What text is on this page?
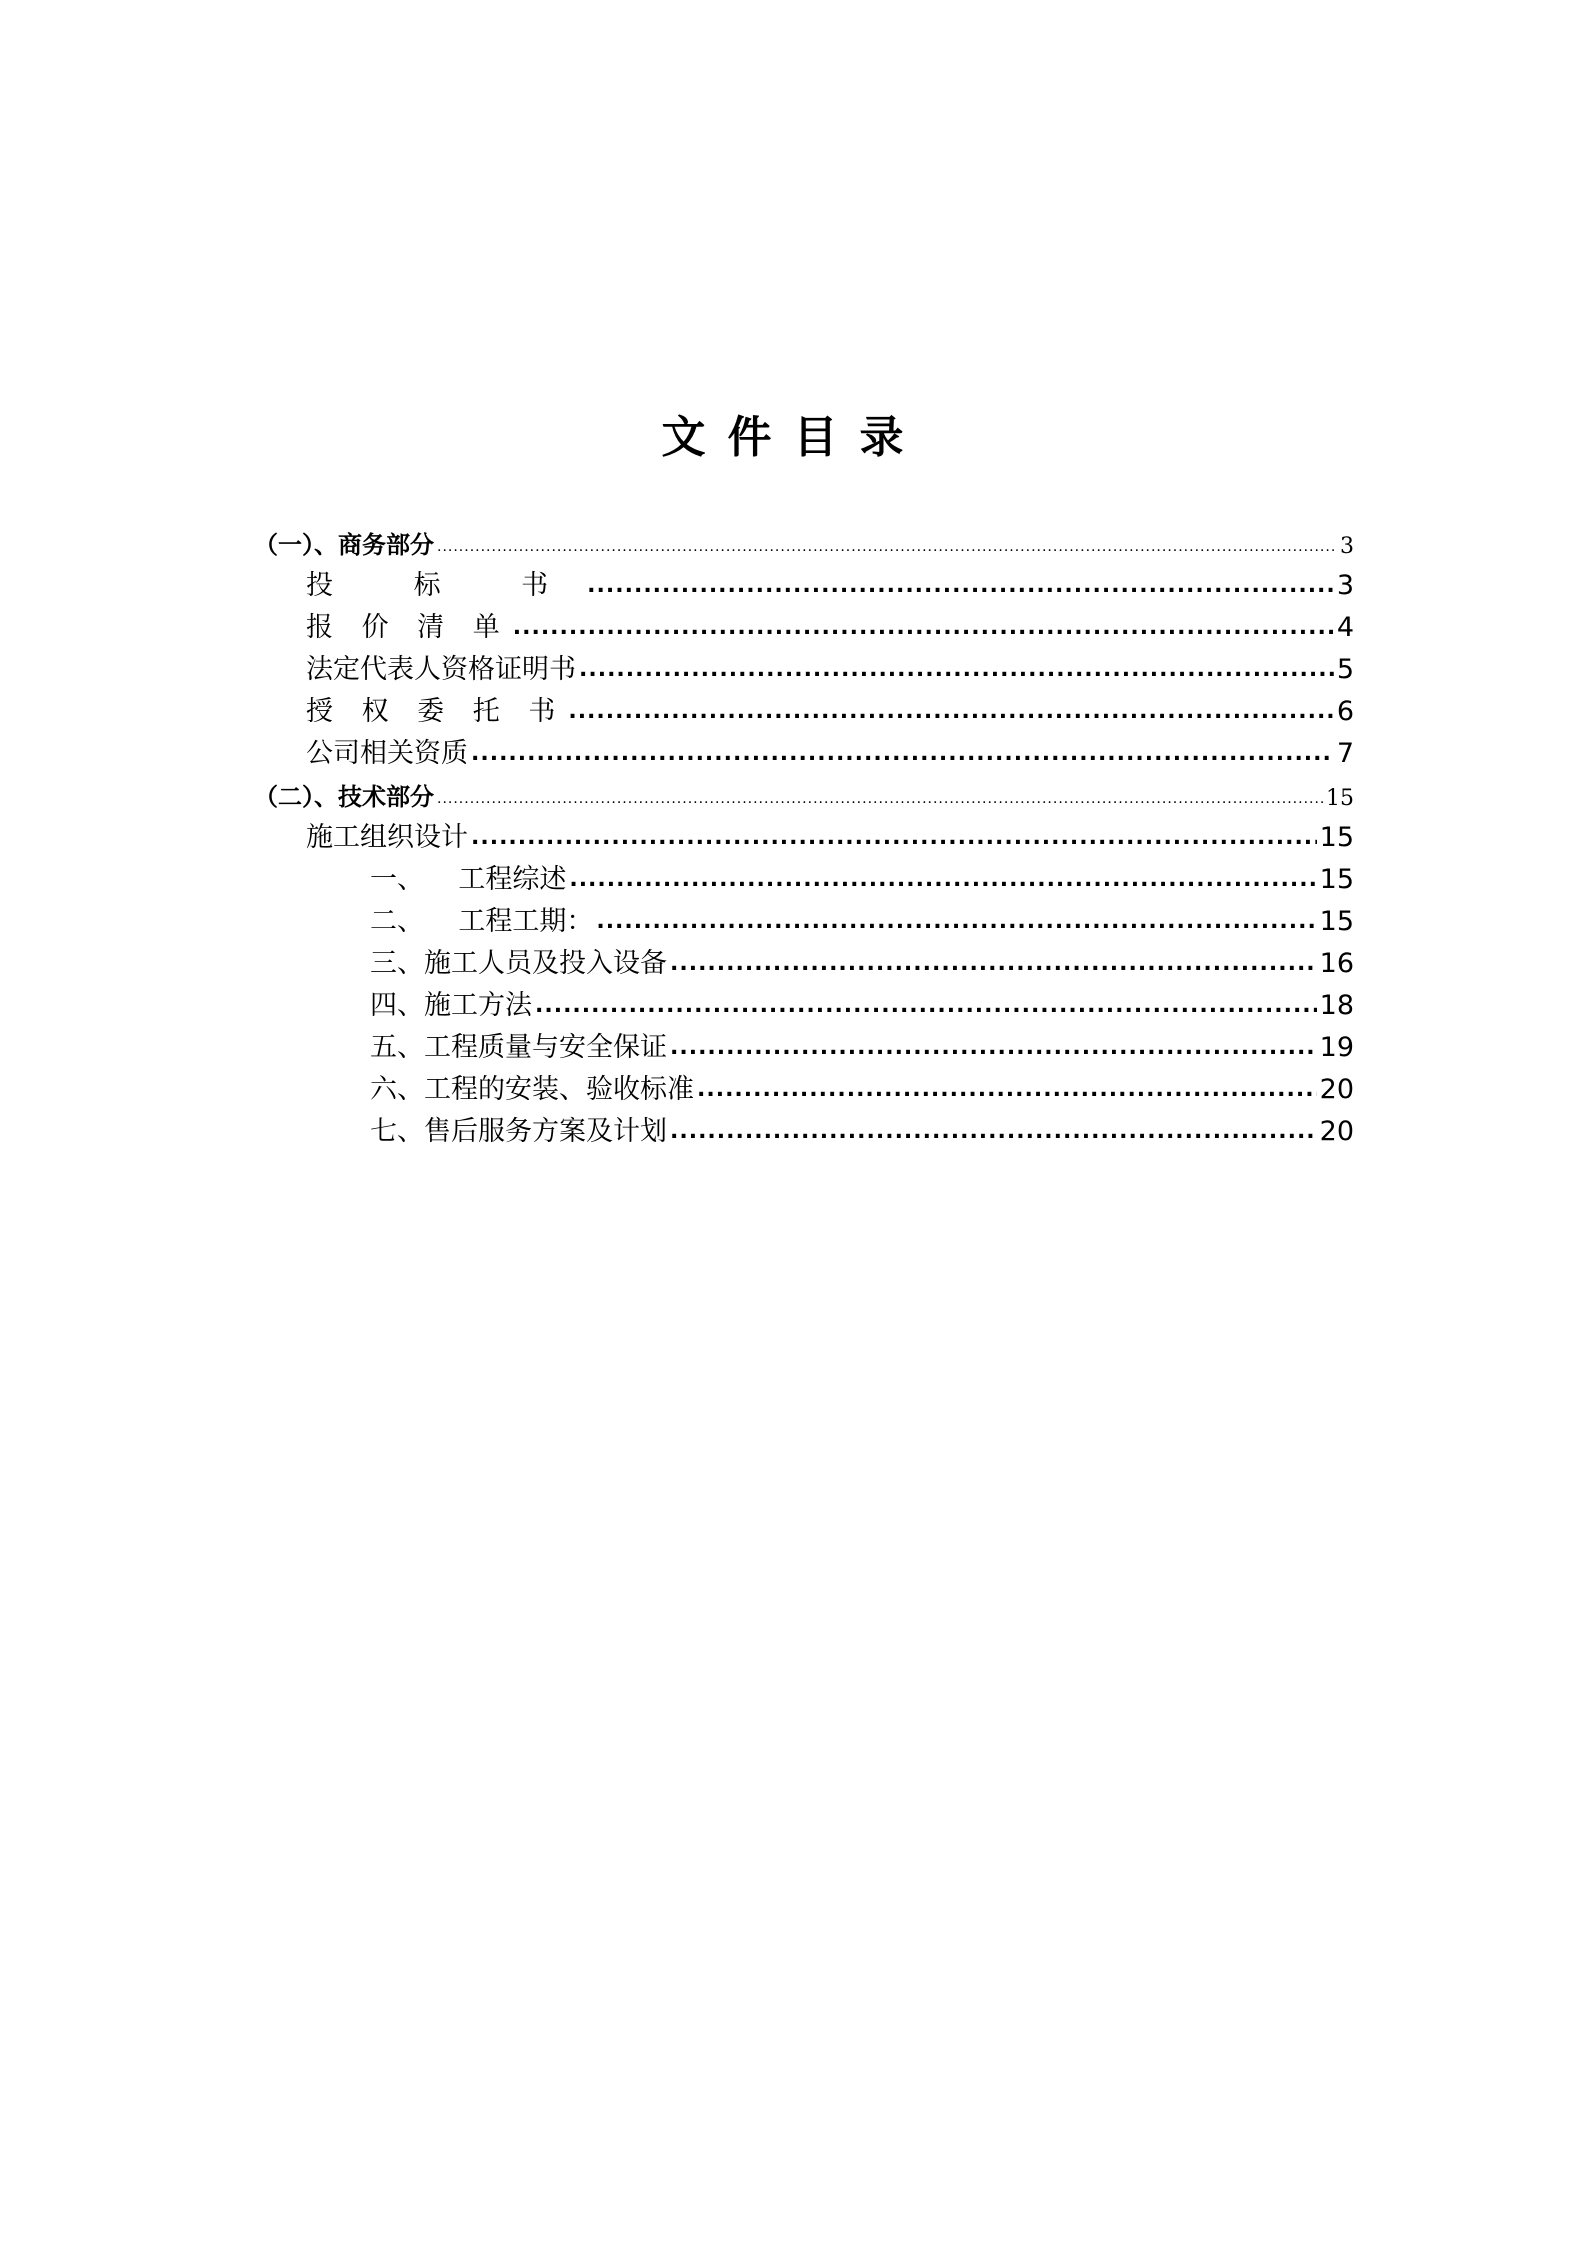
文件目录
（一）、商务部分 .....	3
投 标 书 .....	3
报 价 清 单 .....	4
法定代表人资格证明书 .....	5
授 权 委 托 书 .....	6
公司相关资质 .....	7
（二）、技术部分 .....	15
施工组织设计 .....	15
一、    工程综述 .....	15
二、    工程工期： .....	15
三、施工人员及投入设备 .....	16
四、施工方法 .....	18
五、工程质量与安全保证 .....	19
六、工程的安装、验收标准 .....	20
七、售后服务方案及计划 .....	20
